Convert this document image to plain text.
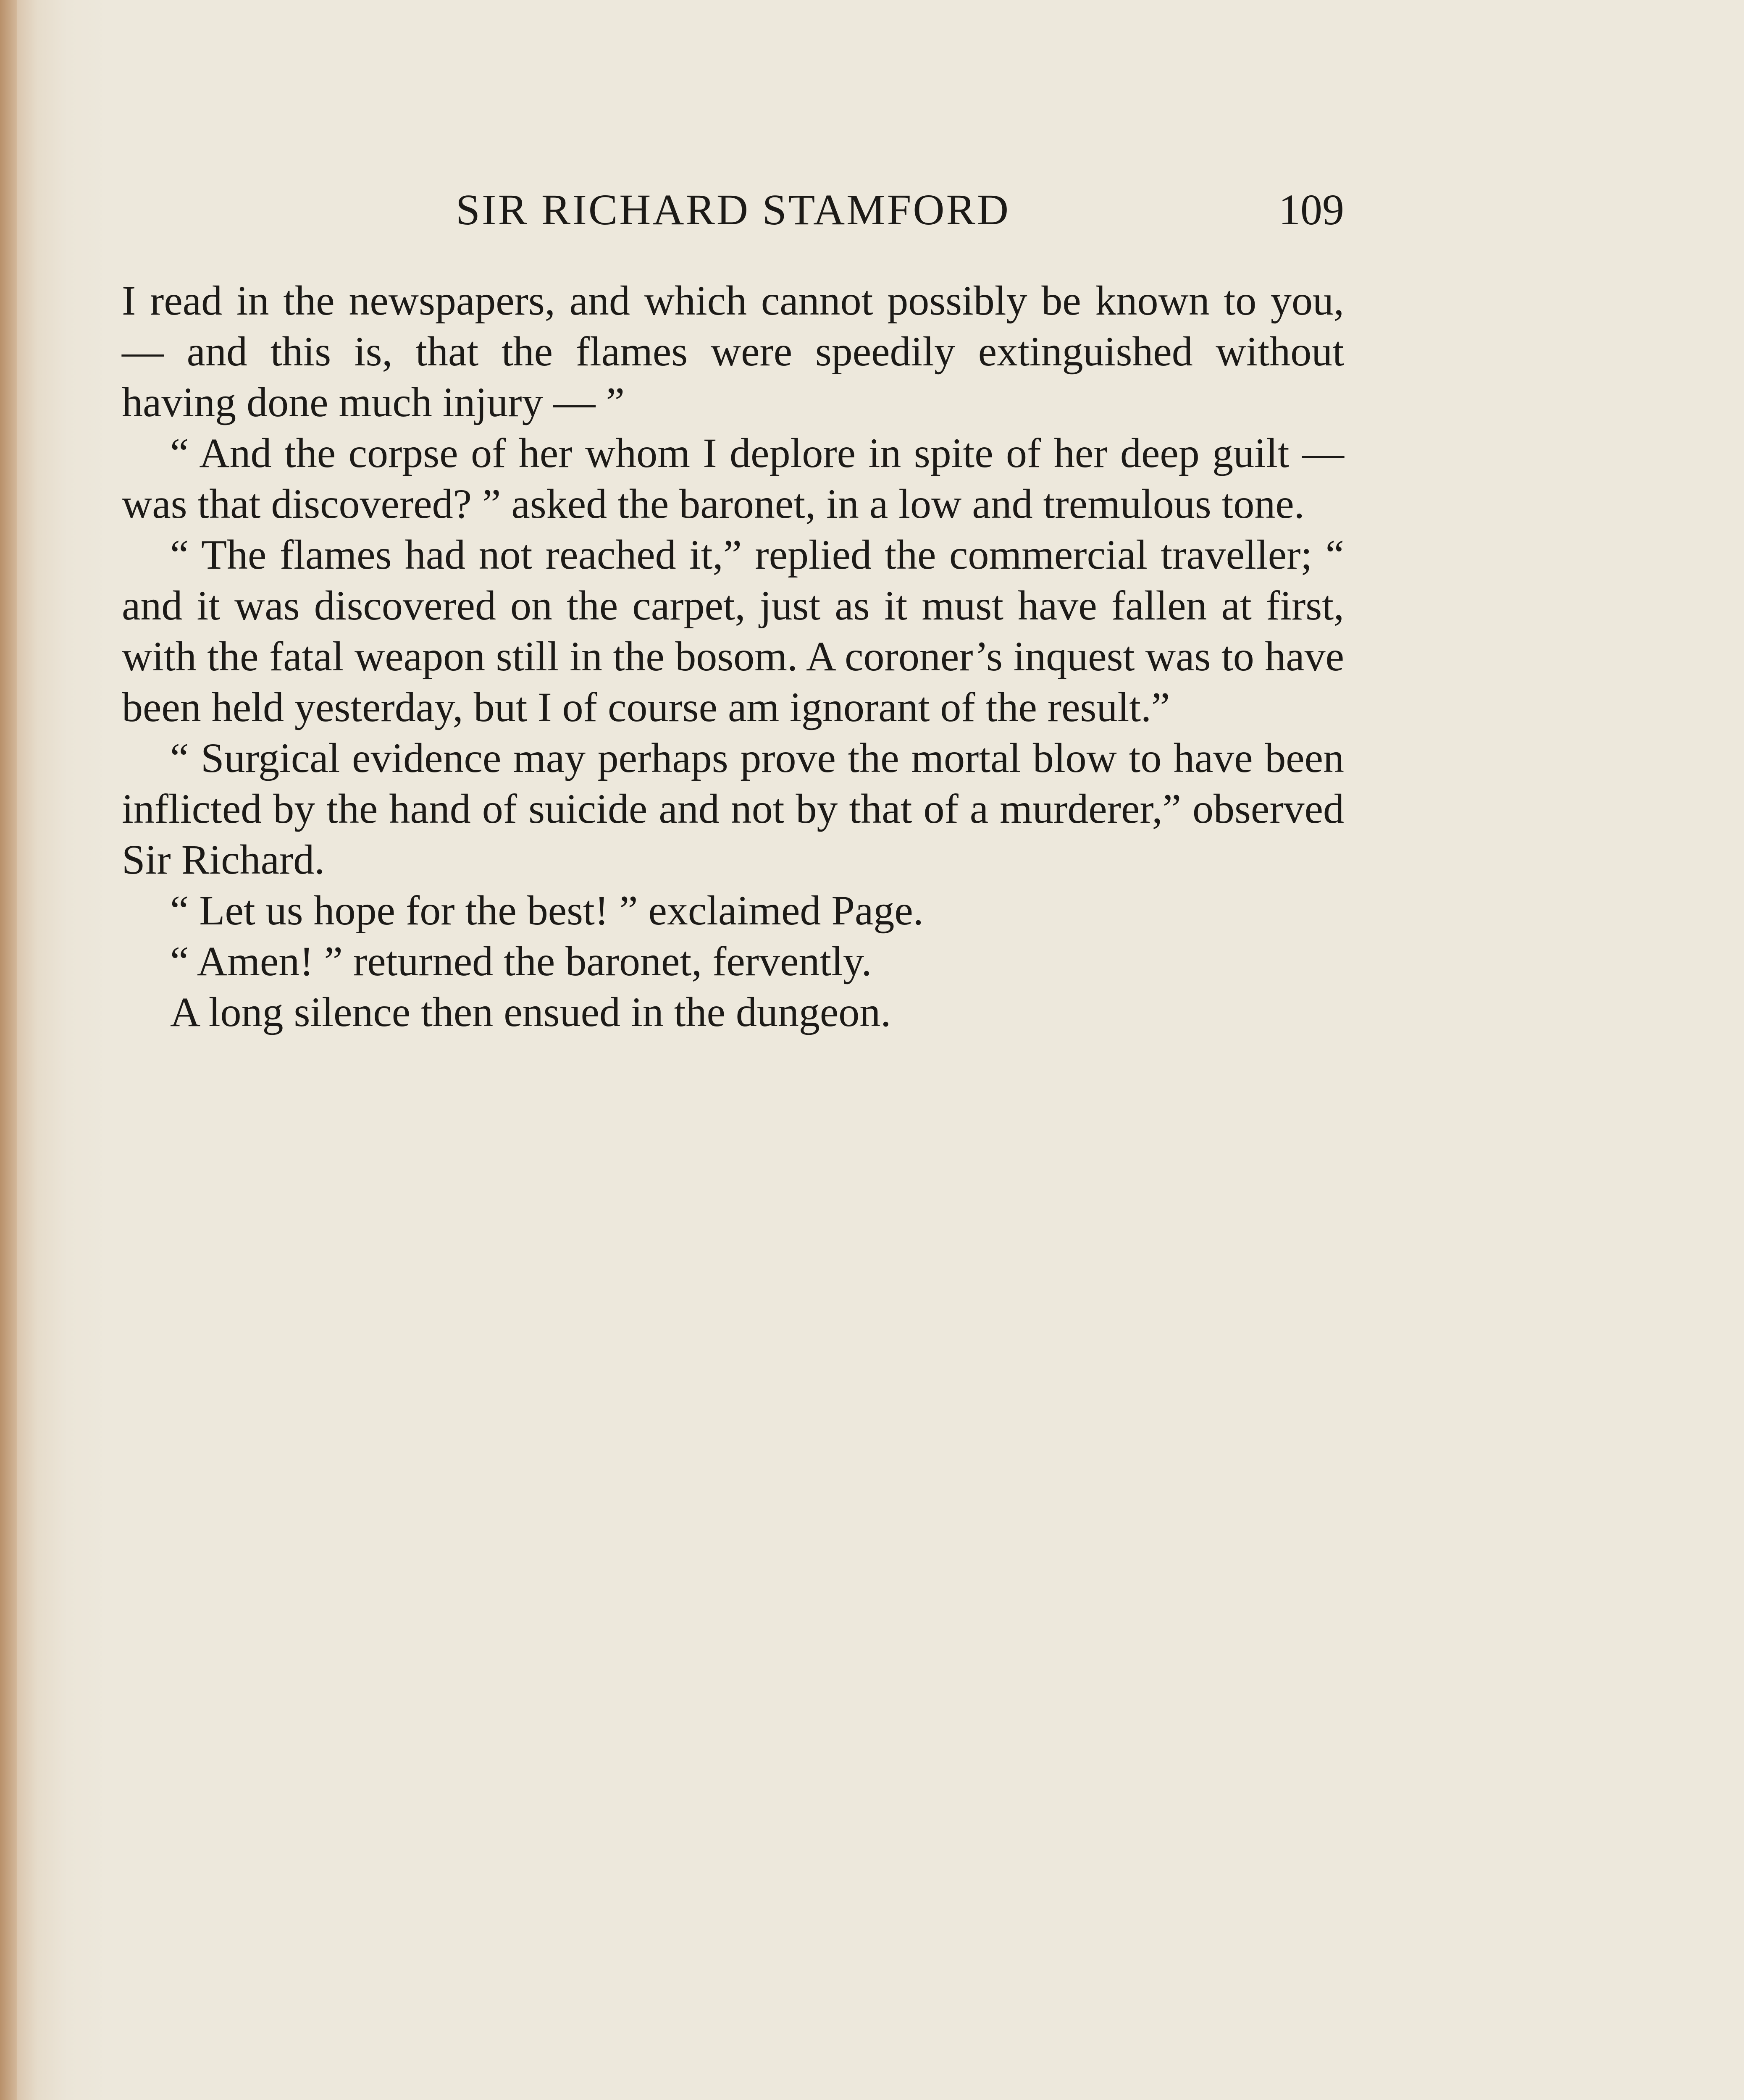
SIR RICHARD STAMFORD	109

I read in the newspapers, and which cannot possibly be known to you, — and this is, that the flames were speedily extinguished without having done much injury — ”

“ And the corpse of her whom I deplore in spite of her deep guilt — was that discovered? ” asked the baronet, in a low and tremulous tone.

“ The flames had not reached it,” replied the commercial traveller; “ and it was discovered on the carpet, just as it must have fallen at first, with the fatal weapon still in the bosom. A coroner’s inquest was to have been held yesterday, but I of course am ignorant of the result.”

“ Surgical evidence may perhaps prove the mortal blow to have been inflicted by the hand of suicide and not by that of a murderer,” observed Sir Richard.

“ Let us hope for the best! ” exclaimed Page.

“ Amen! ” returned the baronet, fervently.

A long silence then ensued in the dungeon.
